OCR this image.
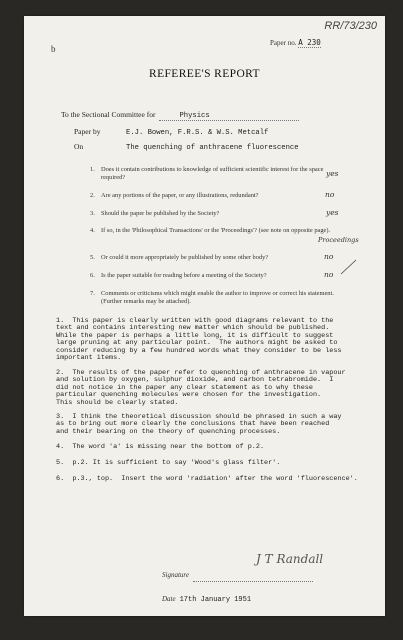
RR/73/230
b
Paper no. A 230
REFEREE'S REPORT
To the Sectional Committee for	Physics
Paper by	E.J. Bowen, F.R.S. & W.S. Metcalf
On	The quenching of anthracene fluorescence
1. Does it contain contributions to knowledge of sufficient scientific interest for the space required?	yes
2. Are any portions of the paper, or any illustrations, redundant?	no
3. Should the paper be published by the Society?	yes
4. If so, in the 'Philosophical Transactions' or the 'Proceedings'? (see note on opposite page).
Proceedings
5. Or could it more appropriately be published by some other body?	no
6. Is the paper suitable for reading before a meeting of the Society?	no
7. Comments or criticisms which might enable the author to improve or correct his statement. (Further remarks may be attached).
1.  This paper is clearly written with good diagrams relevant to the
text and contains interesting new matter which should be published.
While the paper is perhaps a little long, it is difficult to suggest
large pruning at any particular point.  The authors might be asked to
consider reducing by a few hundred words what they consider to be less
important items.
2.  The results of the paper refer to quenching of anthracene in vapour
and solution by oxygen, sulphur dioxide, and carbon tetrabromide.  I
did not notice in the paper any clear statement as to why these
particular quenching molecules were chosen for the investigation.
This should be clearly stated.
3.  I think the theoretical discussion should be phrased in such a way
as to bring out more clearly the conclusions that have been reached
and their bearing on the theory of quenching processes.
4.  The word 'a' is missing near the bottom of p.2.
5.  p.2. It is sufficient to say 'Wood's glass filter'.
6.  p.3., top.  Insert the word 'radiation' after the word 'fluorescence'.
Signature
J T Randall
Date 17th January 1951
